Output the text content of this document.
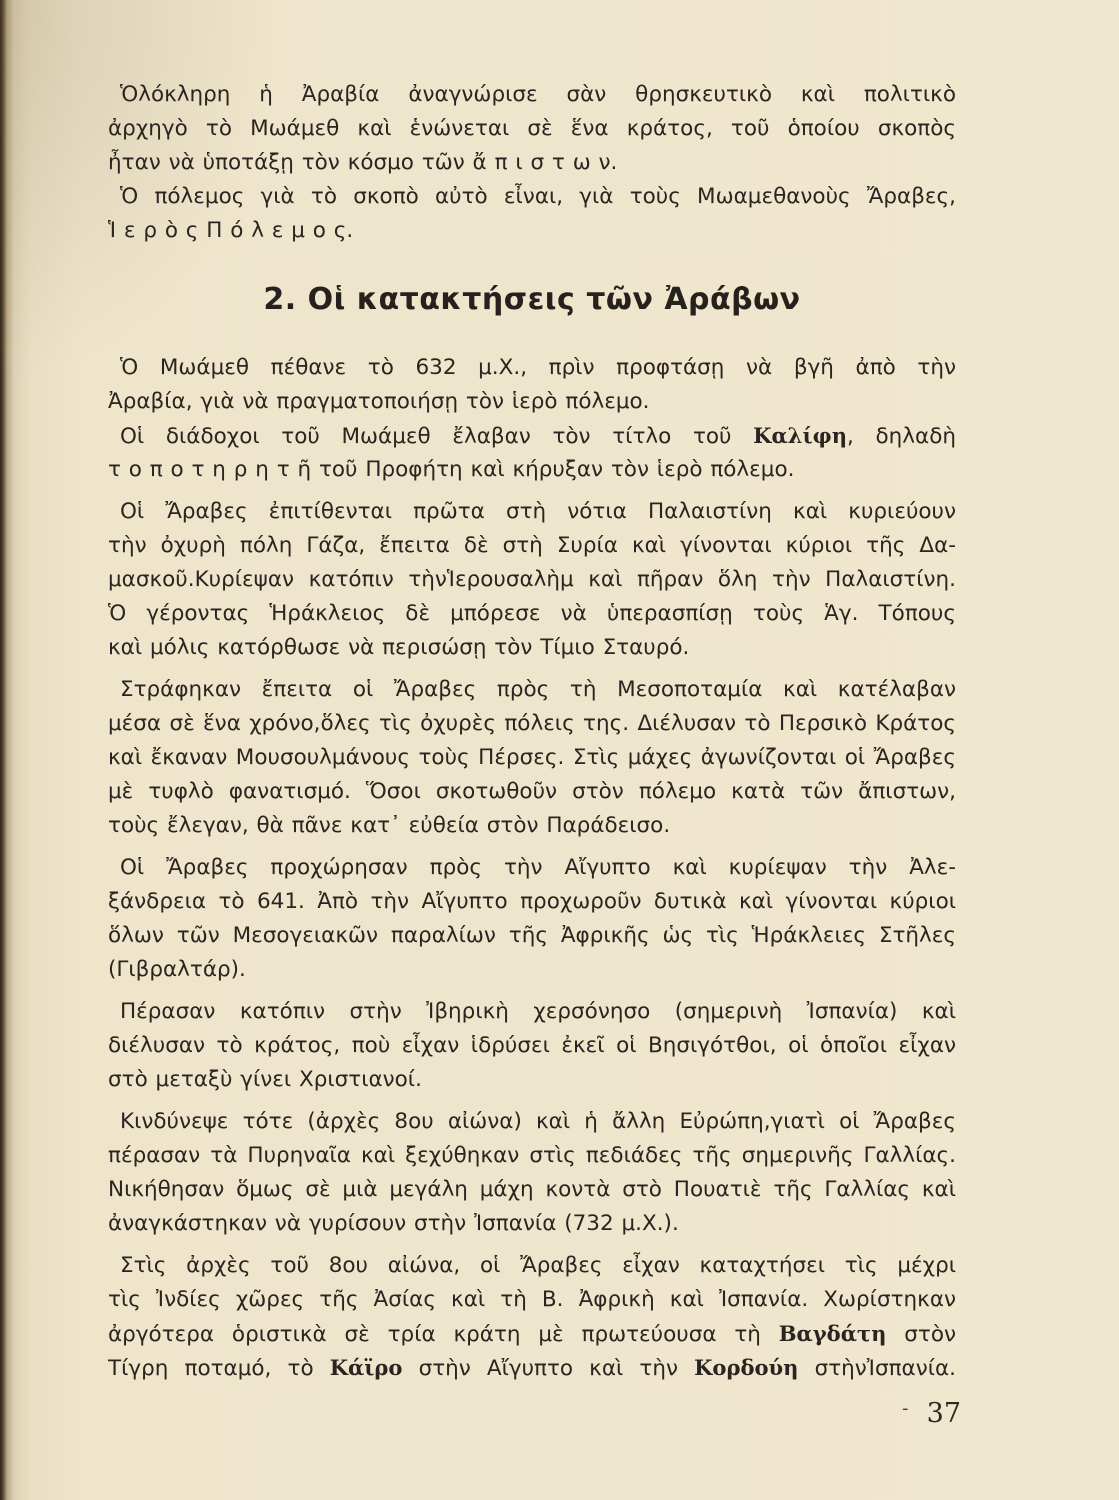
Ὁλόκληρη ἡ Ἀραβία ἀναγνώρισε σὰν θρησκευτικὸ καὶ πολιτικὸ
ἀρχηγὸ τὸ Μωάμεθ καὶ ἑνώνεται σὲ ἕνα κράτος, τοῦ ὁποίου σκοπὸς
ἦταν νὰ ὑποτάξῃ τὸν κόσμο τῶν ἄ π ι σ τ ω ν.
Ὁ πόλεμος γιὰ τὸ σκοπὸ αὐτὸ εἶναι, γιὰ τοὺς Μωαμεθανοὺς Ἄραβες,
Ἱ ε ρ ὸ ς Π ό λ ε μ ο ς.
2. Οἱ κατακτήσεις τῶν Ἀράβων
Ὁ Μωάμεθ πέθανε τὸ 632 μ.Χ., πρὶν προφτάσῃ νὰ βγῆ ἀπὸ τὴν
Ἀραβία, γιὰ νὰ πραγματοποιήσῃ τὸν ἱερὸ πόλεμο.
Οἱ διάδοχοι τοῦ Μωάμεθ ἔλαβαν τὸν τίτλο τοῦ Καλίφη, δηλαδὴ
τ ο π ο τ η ρ η τ ῆ τοῦ Προφήτη καὶ κήρυξαν τὸν ἱερὸ πόλεμο.
Οἱ Ἄραβες ἐπιτίθενται πρῶτα στὴ νότια Παλαιστίνη καὶ κυριεύουν
τὴν ὀχυρὴ πόλη Γάζα, ἔπειτα δὲ στὴ Συρία καὶ γίνονται κύριοι τῆς Δα-
μασκοῦ.Κυρίεψαν κατόπιν τὴνἹερουσαλὴμ καὶ πῆραν ὅλη τὴν Παλαιστίνη.
Ὁ γέροντας Ἡράκλειος δὲ μπόρεσε νὰ ὑπερασπίσῃ τοὺς Ἁγ. Τόπους
καὶ μόλις κατόρθωσε νὰ περισώσῃ τὸν Τίμιο Σταυρό.
Στράφηκαν ἔπειτα οἱ Ἄραβες πρὸς τὴ Μεσοποταμία καὶ κατέλαβαν
μέσα σὲ ἕνα χρόνο,ὅλες τὶς ὀχυρὲς πόλεις της. Διέλυσαν τὸ Περσικὸ Κράτος
καὶ ἔκαναν Μουσουλμάνους τοὺς Πέρσες. Στὶς μάχες ἀγωνίζονται οἱ Ἄραβες
μὲ τυφλὸ φανατισμό. Ὅσοι σκοτωθοῦν στὸν πόλεμο κατὰ τῶν ἄπιστων,
τοὺς ἔλεγαν, θὰ πᾶνε κατ᾿ εὐθεία στὸν Παράδεισο.
Οἱ Ἄραβες προχώρησαν πρὸς τὴν Αἴγυπτο καὶ κυρίεψαν τὴν Ἀλε-
ξάνδρεια τὸ 641. Ἀπὸ τὴν Αἴγυπτο προχωροῦν δυτικὰ καὶ γίνονται κύριοι
ὅλων τῶν Μεσογειακῶν παραλίων τῆς Ἀφρικῆς ὡς τὶς Ἡράκλειες Στῆλες
(Γιβραλτάρ).
Πέρασαν κατόπιν στὴν Ἰβηρικὴ χερσόνησο (σημερινὴ Ἰσπανία) καὶ
διέλυσαν τὸ κράτος, ποὺ εἶχαν ἱδρύσει ἐκεῖ οἱ Βησιγότθοι, οἱ ὁποῖοι εἶχαν
στὸ μεταξὺ γίνει Χριστιανοί.
Κινδύνεψε τότε (ἀρχὲς 8ου αἰώνα) καὶ ἡ ἄλλη Εὐρώπη,γιατὶ οἱ Ἄραβες
πέρασαν τὰ Πυρηναῖα καὶ ξεχύθηκαν στὶς πεδιάδες τῆς σημερινῆς Γαλλίας.
Νικήθησαν ὅμως σὲ μιὰ μεγάλη μάχη κοντὰ στὸ Πουατιὲ τῆς Γαλλίας καὶ
ἀναγκάστηκαν νὰ γυρίσουν στὴν Ἰσπανία (732 μ.Χ.).
Στὶς ἀρχὲς τοῦ 8ου αἰώνα, οἱ Ἄραβες εἶχαν καταχτήσει τὶς μέχρι
τὶς Ἰνδίες χῶρες τῆς Ἀσίας καὶ τὴ Β. Ἀφρικὴ καὶ Ἰσπανία. Χωρίστηκαν
ἀργότερα ὁριστικὰ σὲ τρία κράτη μὲ πρωτεύουσα τὴ Βαγδάτη στὸν
Τίγρη ποταμό, τὸ Κάϊρο στὴν Αἴγυπτο καὶ τὴν Κορδούη στὴνἸσπανία.
- 37
